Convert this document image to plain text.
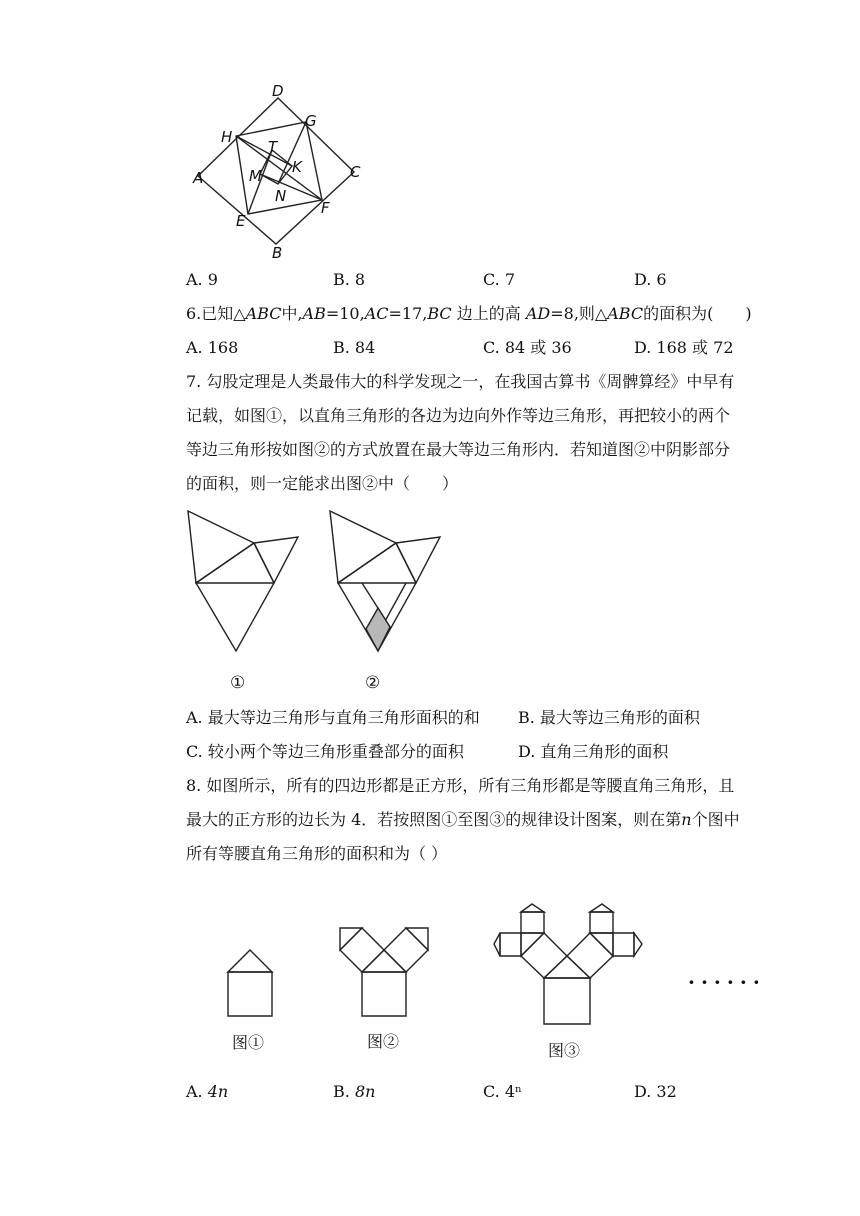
D
G
H
C
T
K
A	M
N
F
E
B
A. 9	B. 8	C. 7	D. 6
6.已知△ABC中,AB=10,AC=17,BC 边上的高 AD=8,则△ABC的面积为(　　)
A. 168	B. 84	C. 84 或 36	D. 168 或 72
7. 勾股定理是人类最伟大的科学发现之一，在我国古算书《周髀算经》中早有
记载，如图①，以直角三角形的各边为边向外作等边三角形，再把较小的两个
等边三角形按如图②的方式放置在最大等边三角形内．若知道图②中阴影部分
的面积，则一定能求出图②中（　　）
①	②
A. 最大等边三角形与直角三角形面积的和 B. 最大等边三角形的面积
C. 较小两个等边三角形重叠部分的面积	D. 直角三角形的面积
8. 如图所示，所有的四边形都是正方形，所有三角形都是等腰直角三角形，且
最大的正方形的边长为 4．若按照图①至图③的规律设计图案，则在第n个图中
所有等腰直角三角形的面积和为（ ）
图①	图②	图③
······
A. 4n	B. 8n	C. 4ⁿ	D. 32
